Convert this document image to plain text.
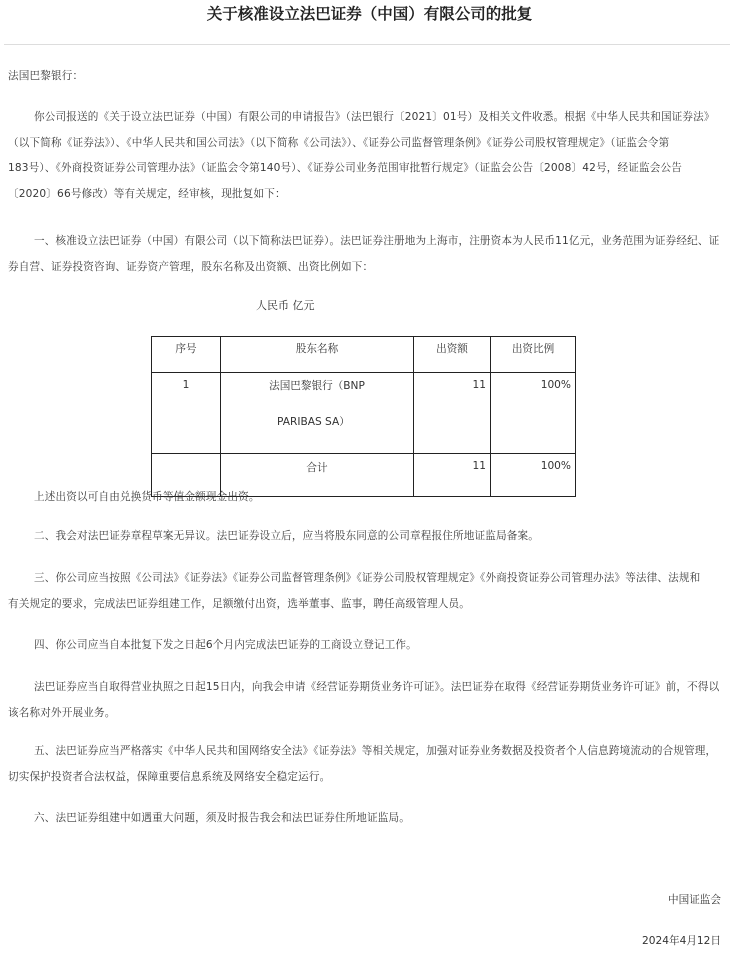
关于核准设立法巴证券（中国）有限公司的批复
法国巴黎银行：
你公司报送的《关于设立法巴证券（中国）有限公司的申请报告》（法巴银行〔2021〕01号）及相关文件收悉。根据《中华人民共和国证券法》
（以下简称《证券法》）、《中华人民共和国公司法》（以下简称《公司法》）、《证券公司监督管理条例》《证券公司股权管理规定》（证监会令第
183号）、《外商投资证券公司管理办法》（证监会令第140号）、《证券公司业务范围审批暂行规定》（证监会公告〔2008〕42号，经证监会公告
〔2020〕66号修改）等有关规定，经审核，现批复如下：
一、核准设立法巴证券（中国）有限公司（以下简称法巴证券）。法巴证券注册地为上海市，注册资本为人民币11亿元，业务范围为证券经纪、证
券自营、证券投资咨询、证券资产管理，股东名称及出资额、出资比例如下：
人民币 亿元
序号	股东名称	出资额	出资比例
1	法国巴黎银行（BNP
PARIBAS SA）	11	100%
	合计	11	100%
上述出资以可自由兑换货币等值金额现金出资。
二、我会对法巴证券章程草案无异议。法巴证券设立后，应当将股东同意的公司章程报住所地证监局备案。
三、你公司应当按照《公司法》《证券法》《证券公司监督管理条例》《证券公司股权管理规定》《外商投资证券公司管理办法》等法律、法规和
有关规定的要求，完成法巴证券组建工作，足额缴付出资，选举董事、监事，聘任高级管理人员。
四、你公司应当自本批复下发之日起6个月内完成法巴证券的工商设立登记工作。
法巴证券应当自取得营业执照之日起15日内，向我会申请《经营证券期货业务许可证》。法巴证券在取得《经营证券期货业务许可证》前，不得以
该名称对外开展业务。
五、法巴证券应当严格落实《中华人民共和国网络安全法》《证券法》等相关规定，加强对证券业务数据及投资者个人信息跨境流动的合规管理，
切实保护投资者合法权益，保障重要信息系统及网络安全稳定运行。
六、法巴证券组建中如遇重大问题，须及时报告我会和法巴证券住所地证监局。
中国证监会
2024年4月12日
